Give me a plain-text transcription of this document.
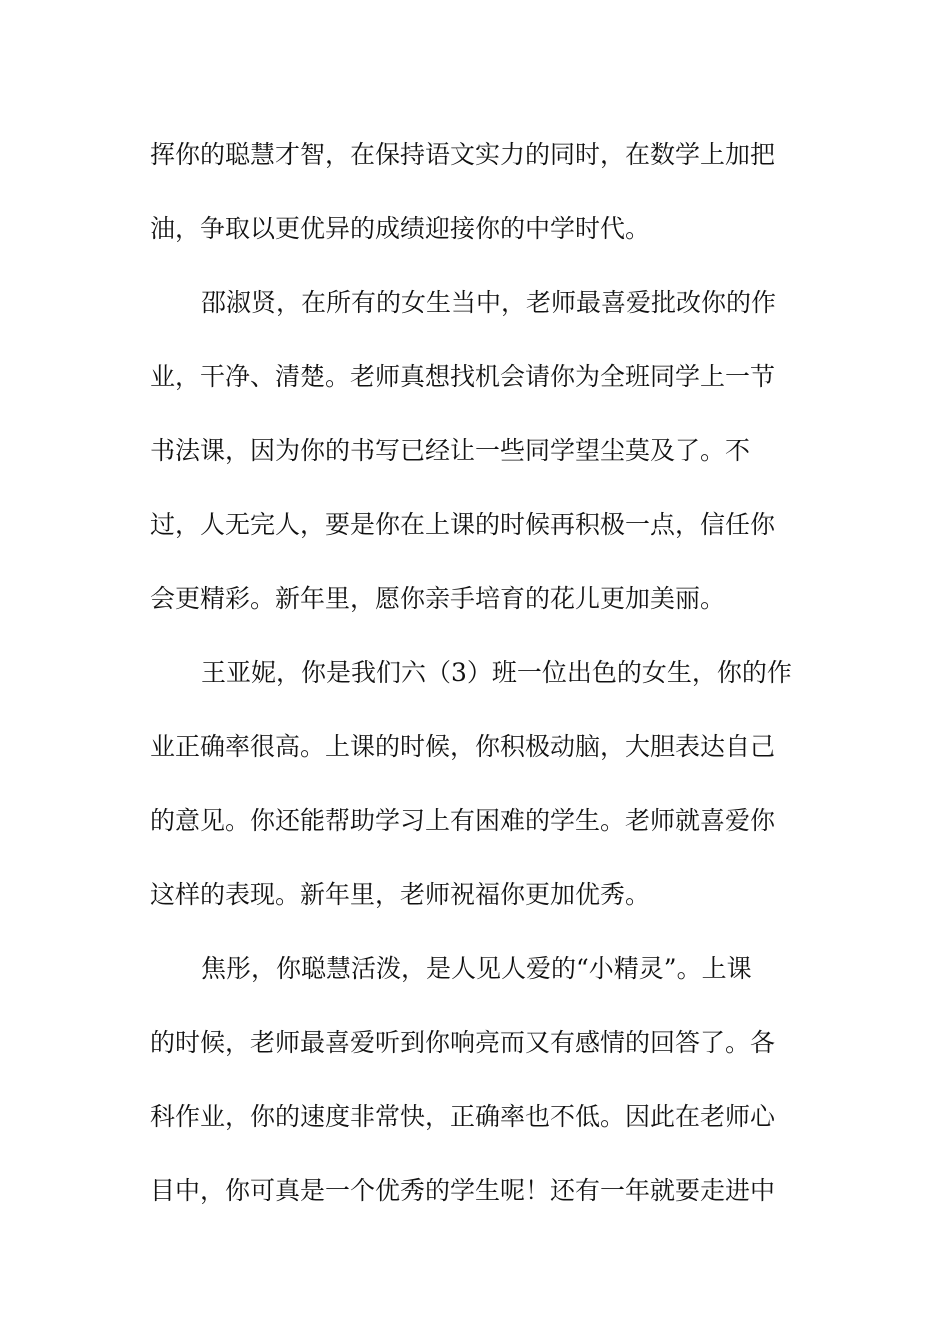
挥你的聪慧才智，在保持语文实力的同时，在数学上加把
油，争取以更优异的成绩迎接你的中学时代。
邵淑贤，在所有的女生当中，老师最喜爱批改你的作
业，干净、清楚。老师真想找机会请你为全班同学上一节
书法课，因为你的书写已经让一些同学望尘莫及了。不
过，人无完人，要是你在上课的时候再积极一点，信任你
会更精彩。新年里，愿你亲手培育的花儿更加美丽。
王亚妮，你是我们六（3）班一位出色的女生，你的作
业正确率很高。上课的时候，你积极动脑，大胆表达自己
的意见。你还能帮助学习上有困难的学生。老师就喜爱你
这样的表现。新年里，老师祝福你更加优秀。
焦彤，你聪慧活泼，是人见人爱的“小精灵”。上课
的时候，老师最喜爱听到你响亮而又有感情的回答了。各
科作业，你的速度非常快，正确率也不低。因此在老师心
目中，你可真是一个优秀的学生呢！还有一年就要走进中
